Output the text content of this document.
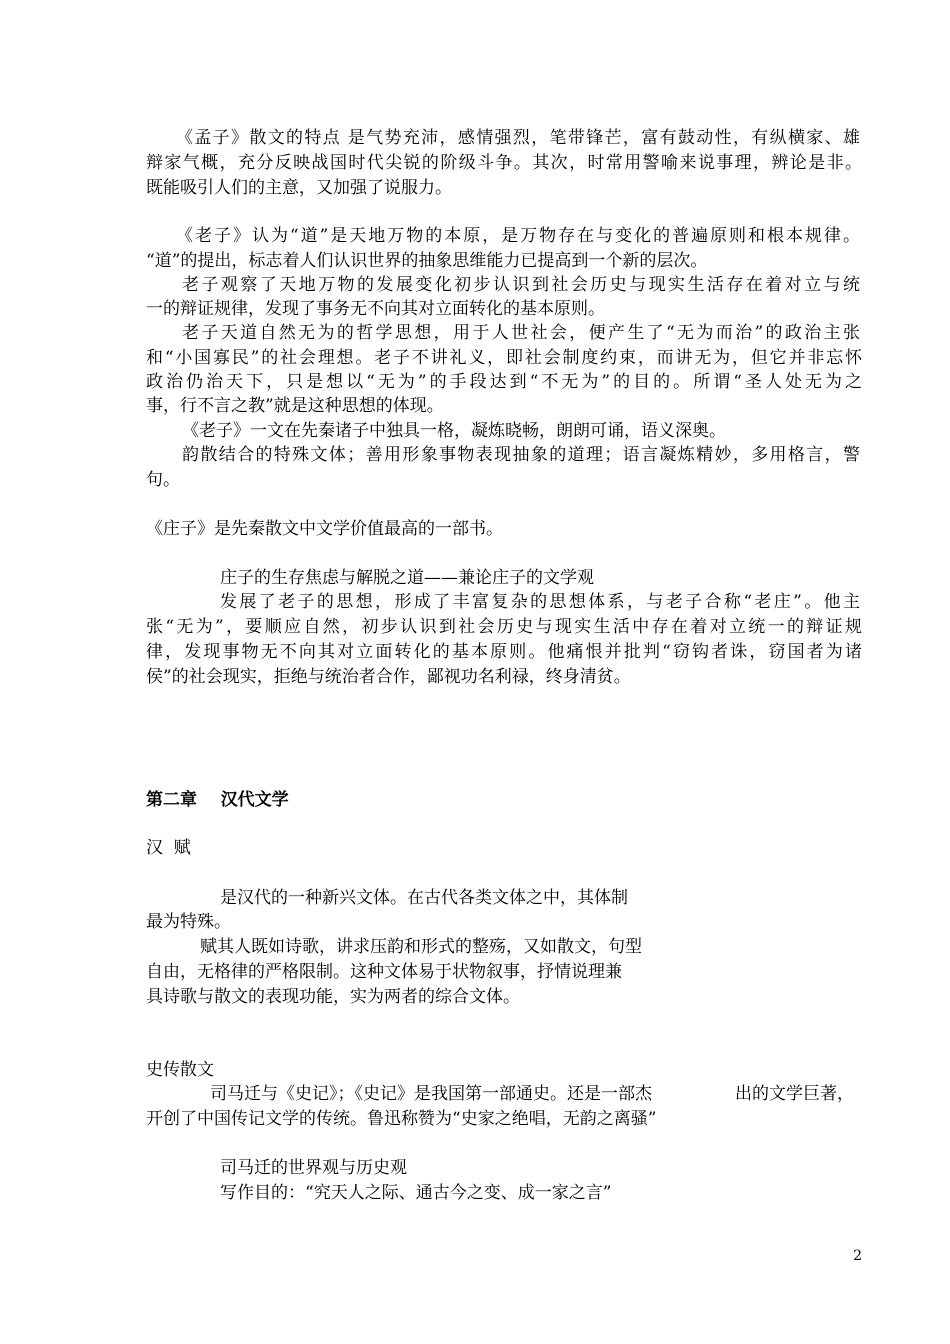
《孟子》散文的特点 是气势充沛，感情强烈，笔带锋芒，富有鼓动性，有纵横家、雄
辩家气概，充分反映战国时代尖锐的阶级斗争。其次，时常用警喻来说事理，辨论是非。
既能吸引人们的主意，又加强了说服力。
《老子》认为“道”是天地万物的本原，是万物存在与变化的普遍原则和根本规律。
“道”的提出，标志着人们认识世界的抽象思维能力已提高到一个新的层次。
老子观察了天地万物的发展变化初步认识到社会历史与现实生活存在着对立与统
一的辩证规律，发现了事务无不向其对立面转化的基本原则。
老子天道自然无为的哲学思想，用于人世社会，便产生了“无为而治”的政治主张
和“小国寡民”的社会理想。老子不讲礼义，即社会制度约束，而讲无为，但它并非忘怀
政治仍治天下，只是想以“无为”的手段达到“不无为”的目的。所谓“圣人处无为之
事，行不言之教”就是这种思想的体现。
《老子》一文在先秦诸子中独具一格，凝炼晓畅，朗朗可诵，语义深奥。
韵散结合的特殊文体；善用形象事物表现抽象的道理；语言凝炼精妙，多用格言，警
句。
《庄子》是先秦散文中文学价值最高的一部书。
庄子的生存焦虑与解脱之道——兼论庄子的文学观
发展了老子的思想，形成了丰富复杂的思想体系，与老子合称“老庄”。他主
张“无为”，要顺应自然，初步认识到社会历史与现实生活中存在着对立统一的辩证规
律，发现事物无不向其对立面转化的基本原则。他痛恨并批判“窃钩者诛，窃国者为诸
侯”的社会现实，拒绝与统治者合作，鄙视功名利禄，终身清贫。
第二章    汉代文学
汉  赋
是汉代的一种新兴文体。在古代各类文体之中，其体制
最为特殊。
赋其人既如诗歌，讲求压韵和形式的整殇，又如散文，句型
自由，无格律的严格限制。这种文体易于状物叙事，抒情说理兼
具诗歌与散文的表现功能，实为两者的综合文体。
史传散文
司马迁与《史记》；《史记》是我国第一部通史。还是一部杰	出的文学巨著，
开创了中国传记文学的传统。鲁迅称赞为“史家之绝唱，无韵之离骚”
司马迁的世界观与历史观
写作目的：“究天人之际、通古今之变、成一家之言”
2
